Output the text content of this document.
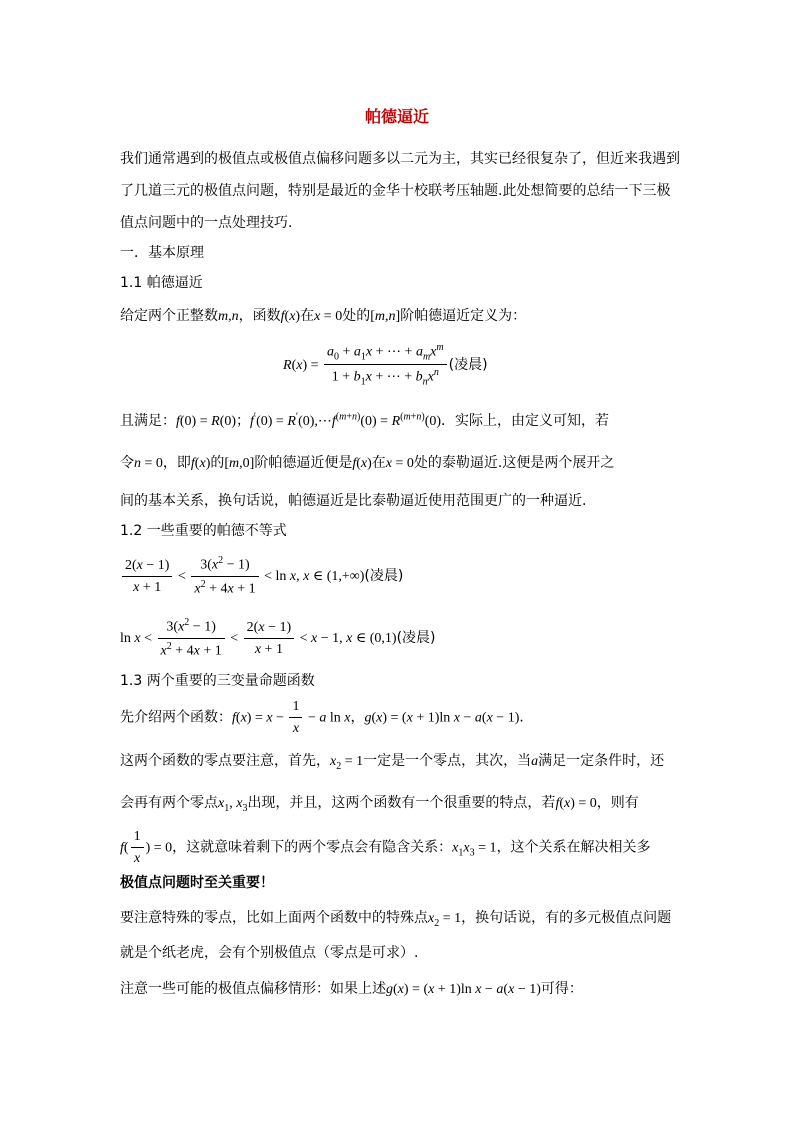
帕德逼近
我们通常遇到的极值点或极值点偏移问题多以二元为主，其实已经很复杂了，但近来我遇到
了几道三元的极值点问题，特别是最近的金华十校联考压轴题.此处想简要的总结一下三极
值点问题中的一点处理技巧.
一．基本原理
1.1 帕德逼近
给定两个正整数m,n，函数f(x)在x = 0处的[m,n]阶帕德逼近定义为：
$R(x) = \frac{a_0 + a_1x + \cdots + a_mx^m}{1 + b_1x + \cdots + b_nx^n}$ (凌晨)
且满足：f(0) = R(0)；$f'(0) = R'(0),\cdots f^{(m+n)}(0) = R^{(m+n)}(0)$．实际上，由定义可知，若
令n = 0，即f(x)的[m,0]阶帕德逼近便是f(x)在x = 0处的泰勒逼近.这便是两个展开之
间的基本关系，换句话说，帕德逼近是比泰勒逼近使用范围更广的一种逼近.
1.2 一些重要的帕德不等式
$\frac{2(x - 1)}{x + 1} < \frac{3(x^2 - 1)}{x^2 + 4x + 1} < \ln x$, x ∈ (1,+∞)(凌晨)
$\ln x < \frac{3(x^2 - 1)}{x^2 + 4x + 1} < \frac{2(x - 1)}{x + 1} < x - 1$, x ∈ (0,1)(凌晨)
1.3 两个重要的三变量命题函数
先介绍两个函数：$f(x) = x - \frac{1}{x} - a$ ln x，g(x) = (x + 1)ln x − a(x − 1)．
这两个函数的零点要注意，首先，$x_2 = 1$一定是一个零点，其次，当a满足一定条件时，还
会再有两个零点$x_1$, $x_3$出现，并且，这两个函数有一个很重要的特点，若f(x) = 0，则有
$f( \frac{1}{x}$ ) = 0，这就意味着剩下的两个零点会有隐含关系：$x_1x_3 = 1$，这个关系在解决相关多
极值点问题时至关重要！
要注意特殊的零点，比如上面两个函数中的特殊点$x_2 = 1$，换句话说，有的多元极值点问题
就是个纸老虎，会有个别极值点（零点是可求）.
注意一些可能的极值点偏移情形：如果上述g(x) = (x + 1)ln x − a(x − 1)可得：
